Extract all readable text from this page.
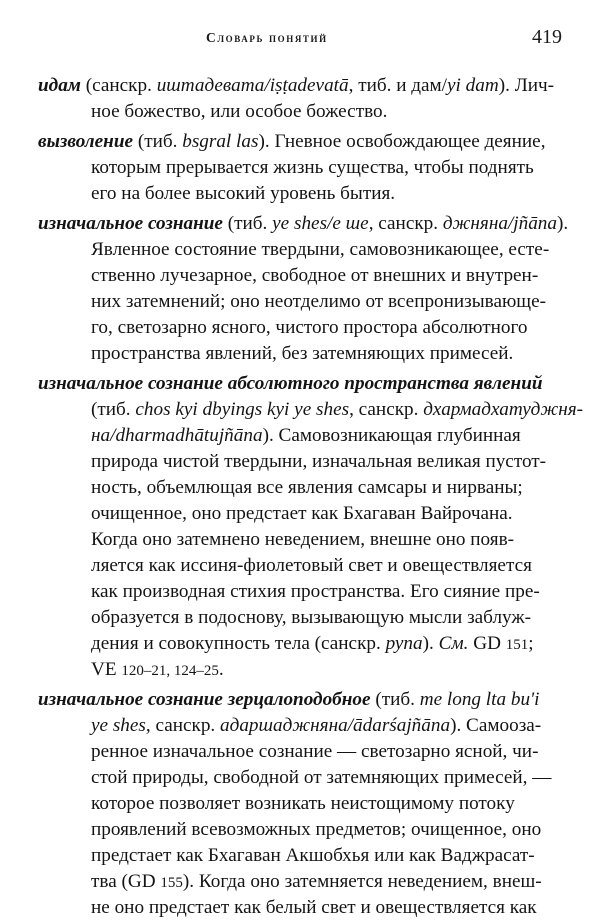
Словарь понятий	419
идам (санскр. иштадевата/iṣṭadevatā, тиб. и дам/yi dam). Лич-
ное божество, или особое божество.
вызволение (тиб. bsgral las). Гневное освобождающее деяние,
которым прерывается жизнь существа, чтобы поднять
его на более высокий уровень бытия.
изначальное сознание (тиб. ye shes/е ше, санскр. джняна/jñāna).
Явленное состояние твердыни, самовозникающее, есте-
ственно лучезарное, свободное от внешних и внутрен-
них затемнений; оно неотделимо от всепронизывающе-
го, светозарно ясного, чистого простора абсолютного
пространства явлений, без затемняющих примесей.
изначальное сознание абсолютного пространства явлений
(тиб. chos kyi dbyings kyi ye shes, санскр. дхармадхатуджня-
на/dharmadhātujñāna). Самовозникающая глубинная
природа чистой твердыни, изначальная великая пустот-
ность, объемлющая все явления самсары и нирваны;
очищенное, оно предстает как Бхагаван Вайрочана.
Когда оно затемнено неведением, внешне оно появ-
ляется как иссиня-фиолетовый свет и овеществляется
как производная стихия пространства. Его сияние пре-
образуется в подоснову, вызывающую мысли заблуж-
дения и совокупность тела (санскр. рупа). См. GD 151;
VE 120–21, 124–25.
изначальное сознание зерцалоподобное (тиб. me long lta bu'i
ye shes, санскр. адаршаджняна/ādarśajñāna). Самооза-
ренное изначальное сознание — светозарно ясной, чи-
стой природы, свободной от затемняющих примесей, —
которое позволяет возникать неистощимому потоку
проявлений всевозможных предметов; очищенное, оно
предстает как Бхагаван Акшобхья или как Ваджрасат-
тва (GD 155). Когда оно затемняется неведением, внеш-
не оно предстает как белый свет и овеществляется как
